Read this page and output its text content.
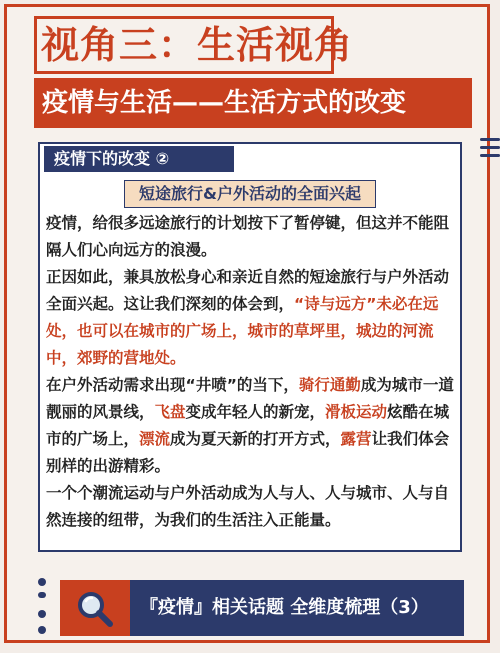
视角三：生活视角
疫情与生活——生活方式的改变
疫情下的改变 ②
短途旅行&户外活动的全面兴起

疫情，给很多远途旅行的计划按下了暂停键，但这并不能阻隔人们心向远方的浪漫。

正因如此，兼具放松身心和亲近自然的短途旅行与户外活动全面兴起。这让我们深刻的体会到，“诗与远方”未必在远处，也可以在城市的广场上，城市的草坪里，城边的河流中，郊野的营地处。

在户外活动需求出现“井喷”的当下，骑行通勤成为城市一道靓丽的风景线，飞盘变成年轻人的新宠，滑板运动炫酷在城市的广场上，漂流成为夏天新的打开方式，露营让我们体会别样的出游精彩。

一个个潮流运动与户外活动成为人与人、人与城市、人与自然连接的纽带，为我们的生活注入正能量。

『疫情』相关话题 全维度梳理（3）
